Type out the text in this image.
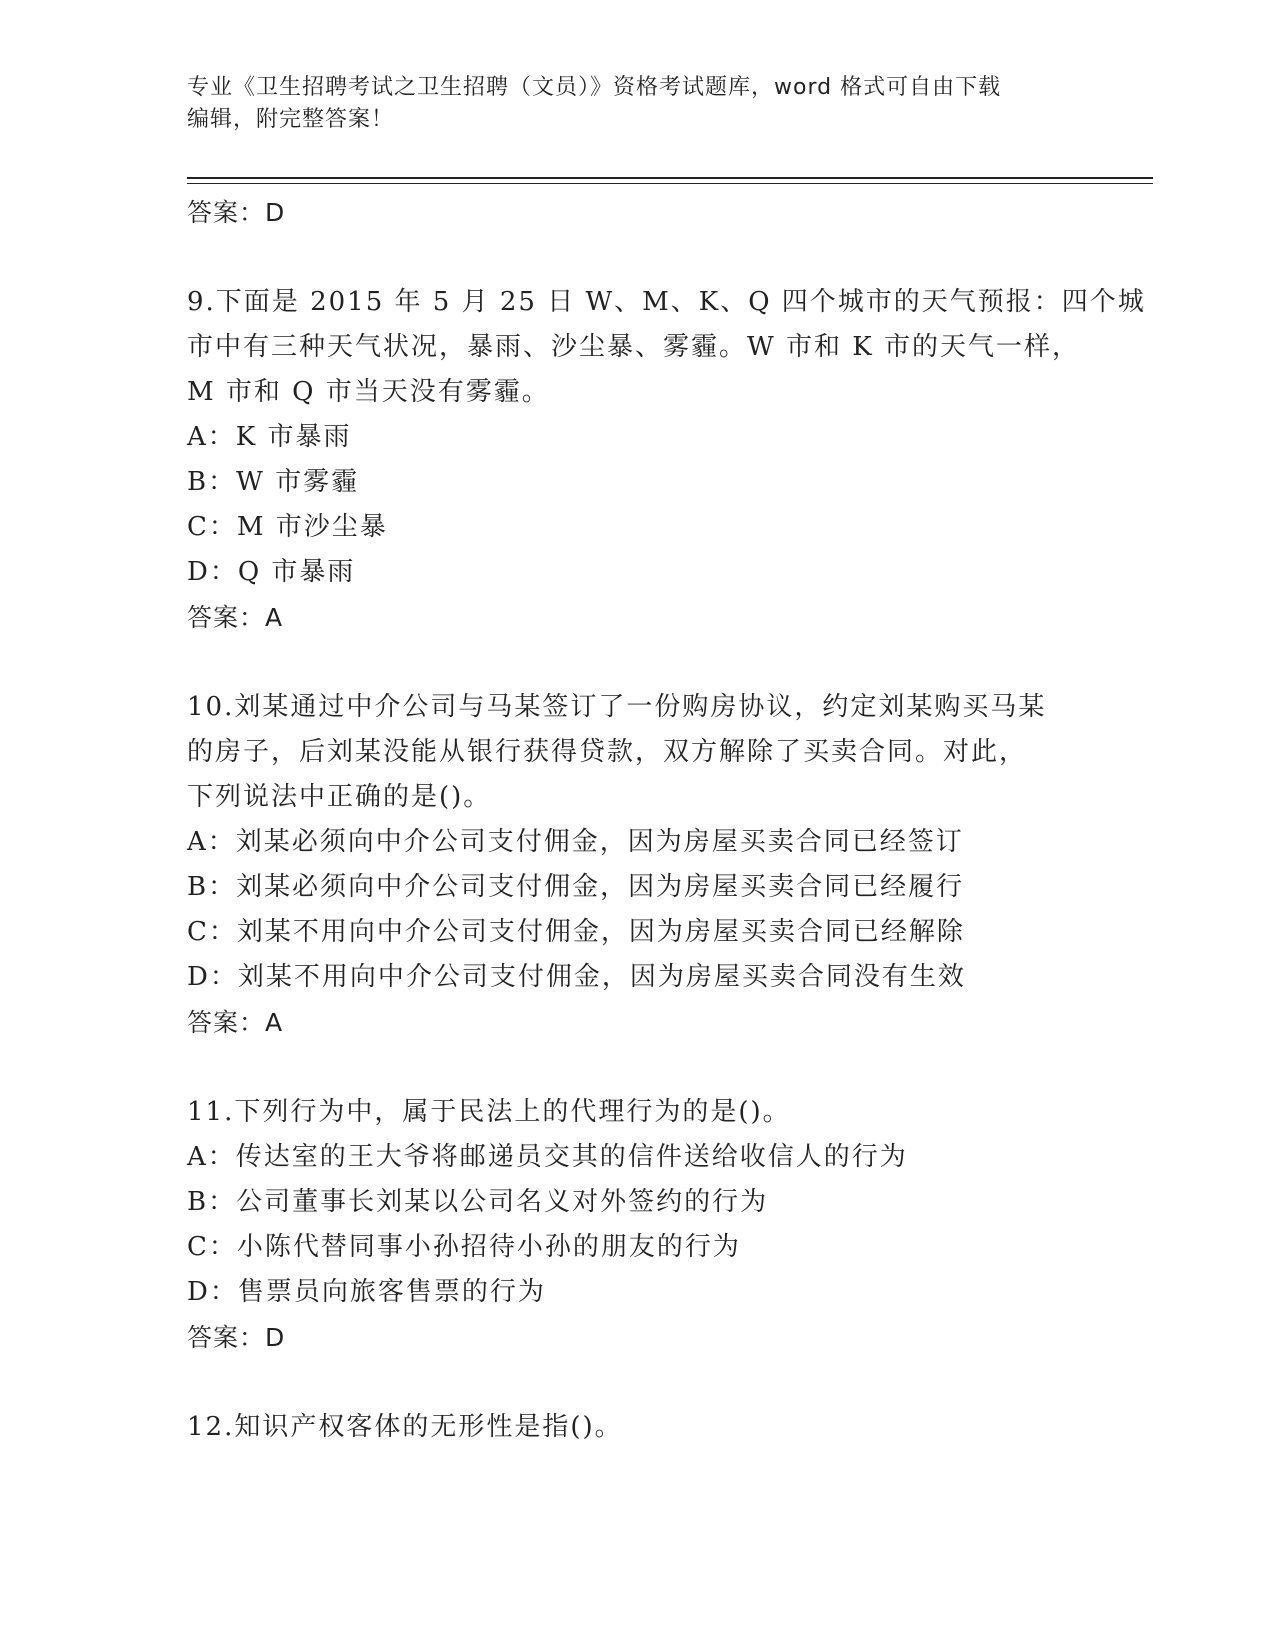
专业《卫生招聘考试之卫生招聘（文员）》资格考试题库，word 格式可自由下载
编辑，附完整答案！
答案：D
9.下面是 2015 年 5 月 25 日 W、M、K、Q 四个城市的天气预报：四个城
市中有三种天气状况，暴雨、沙尘暴、雾霾。W 市和 K 市的天气一样，
M 市和 Q 市当天没有雾霾。
A：K 市暴雨
B：W 市雾霾
C：M 市沙尘暴
D：Q 市暴雨
答案：A
10.刘某通过中介公司与马某签订了一份购房协议，约定刘某购买马某
的房子，后刘某没能从银行获得贷款，双方解除了买卖合同。对此，
下列说法中正确的是()。
A：刘某必须向中介公司支付佣金，因为房屋买卖合同已经签订
B：刘某必须向中介公司支付佣金，因为房屋买卖合同已经履行
C：刘某不用向中介公司支付佣金，因为房屋买卖合同已经解除
D：刘某不用向中介公司支付佣金，因为房屋买卖合同没有生效
答案：A
11.下列行为中，属于民法上的代理行为的是()。
A：传达室的王大爷将邮递员交其的信件送给收信人的行为
B：公司董事长刘某以公司名义对外签约的行为
C：小陈代替同事小孙招待小孙的朋友的行为
D：售票员向旅客售票的行为
答案：D
12.知识产权客体的无形性是指()。
